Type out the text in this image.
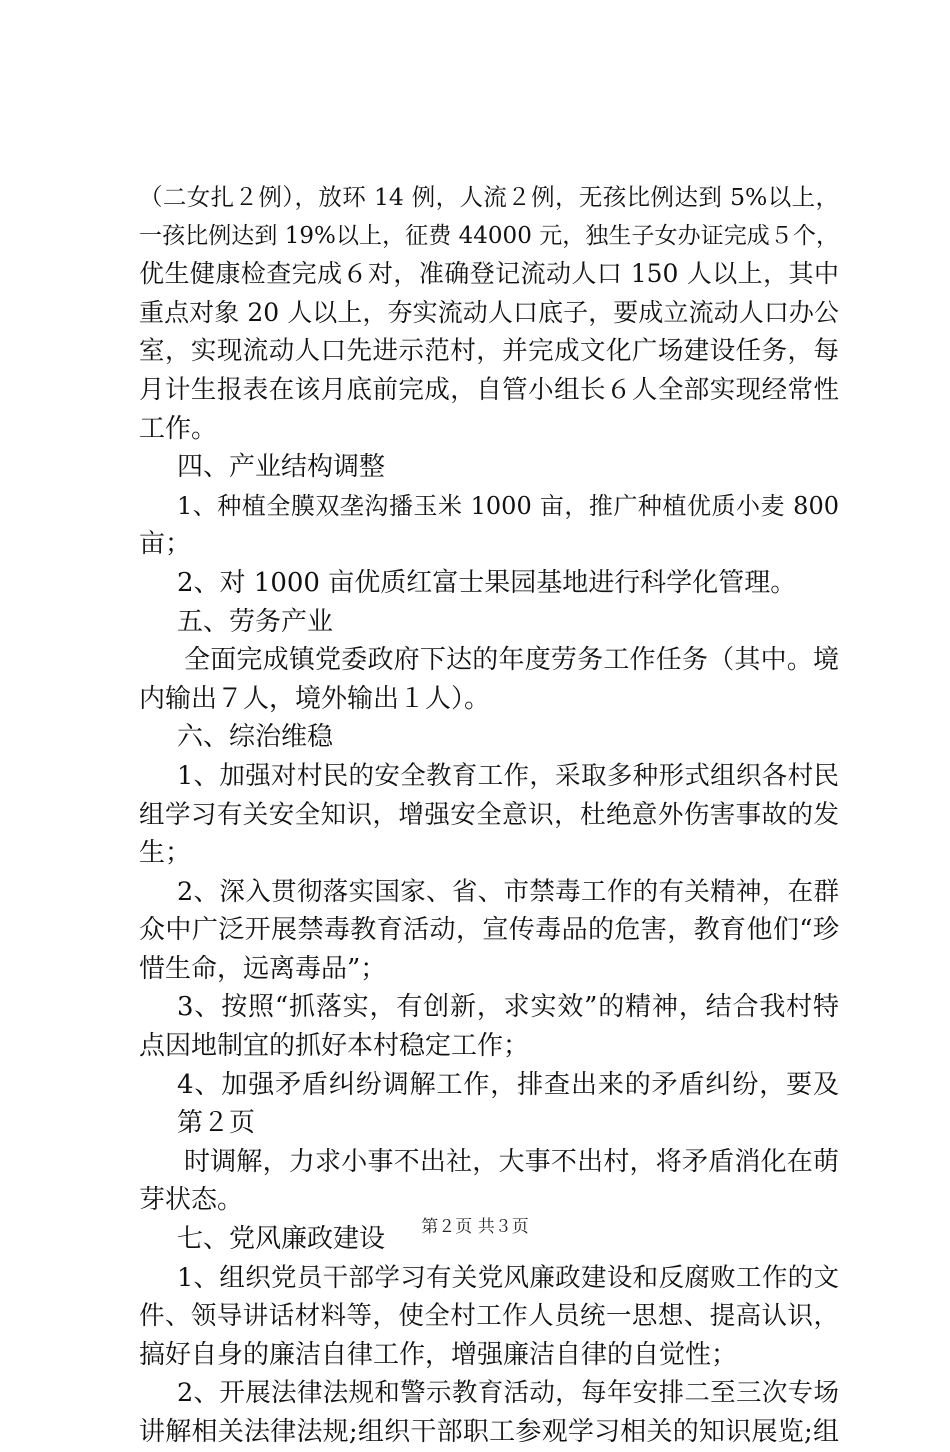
（二女扎２例），放环 14 例，人流２例，无孩比例达到 5%以上，
一孩比例达到 19%以上，征费 44000 元，独生子女办证完成５个，
优生健康检查完成６对，准确登记流动人口 150 人以上，其中
重点对象 20 人以上，夯实流动人口底子，要成立流动人口办公
室，实现流动人口先进示范村，并完成文化广场建设任务，每
月计生报表在该月底前完成，自管小组长６人全部实现经常性
工作。
四、产业结构调整
1、种植全膜双垄沟播玉米 1000 亩，推广种植优质小麦 800
亩；
2、对 1000 亩优质红富士果园基地进行科学化管理。
五、劳务产业
全面完成镇党委政府下达的年度劳务工作任务（其中。境
内输出７人，境外输出１人）。
六、综治维稳
1、加强对村民的安全教育工作，采取多种形式组织各村民
组学习有关安全知识，增强安全意识，杜绝意外伤害事故的发
生；
2、深入贯彻落实国家、省、市禁毒工作的有关精神，在群
众中广泛开展禁毒教育活动，宣传毒品的危害，教育他们“珍
惜生命，远离毒品”；
3、按照“抓落实，有创新，求实效”的精神，结合我村特
点因地制宜的抓好本村稳定工作；
4、加强矛盾纠纷调解工作，排查出来的矛盾纠纷，要及
第２页
时调解，力求小事不出社，大事不出村，将矛盾消化在萌
芽状态。
七、党风廉政建设
1、组织党员干部学习有关党风廉政建设和反腐败工作的文
件、领导讲话材料等，使全村工作人员统一思想、提高认识，
搞好自身的廉洁自律工作，增强廉洁自律的自觉性；
2、开展法律法规和警示教育活动，每年安排二至三次专场
讲解相关法律法规;组织干部职工参观学习相关的知识展览;组
第２页 共３页
